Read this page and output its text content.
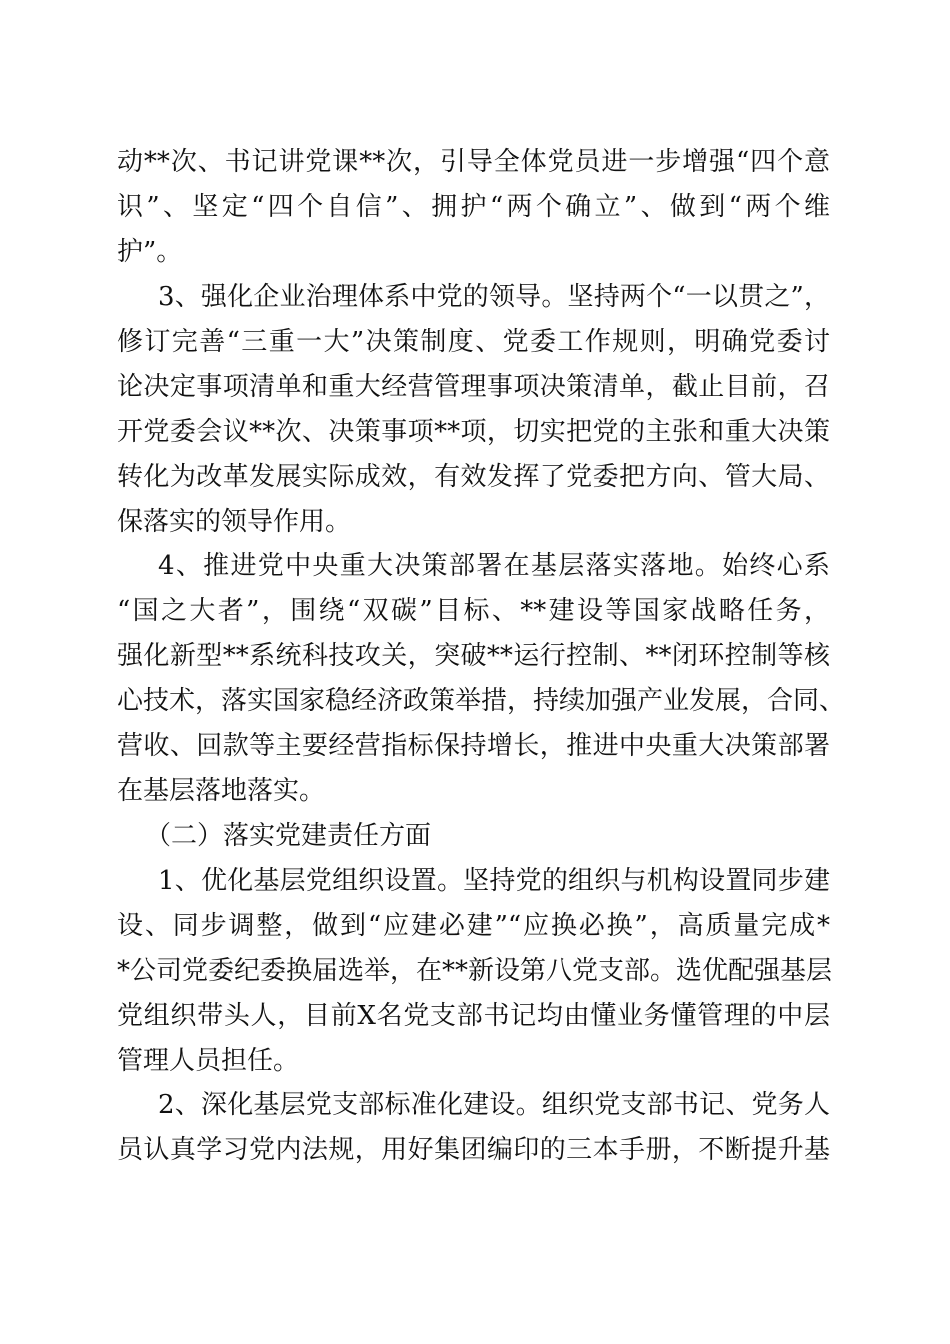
动**次、书记讲党课**次，引导全体党员进一步增强“四个意
识”、坚定“四个自信”、拥护“两个确立”、做到“两个维
护”。
3、强化企业治理体系中党的领导。坚持两个“一以贯之”，
修订完善“三重一大”决策制度、党委工作规则，明确党委讨
论决定事项清单和重大经营管理事项决策清单，截止目前，召
开党委会议**次、决策事项**项，切实把党的主张和重大决策
转化为改革发展实际成效，有效发挥了党委把方向、管大局、
保落实的领导作用。
4、推进党中央重大决策部署在基层落实落地。始终心系
“国之大者”，围绕“双碳”目标、**建设等国家战略任务，
强化新型**系统科技攻关，突破**运行控制、**闭环控制等核
心技术，落实国家稳经济政策举措，持续加强产业发展，合同、
营收、回款等主要经营指标保持增长，推进中央重大决策部署
在基层落地落实。
（二）落实党建责任方面
1、优化基层党组织设置。坚持党的组织与机构设置同步建
设、同步调整，做到“应建必建”“应换必换”，高质量完成*
*公司党委纪委换届选举，在**新设第八党支部。选优配强基层
党组织带头人，目前X名党支部书记均由懂业务懂管理的中层
管理人员担任。
2、深化基层党支部标准化建设。组织党支部书记、党务人
员认真学习党内法规，用好集团编印的三本手册，不断提升基
